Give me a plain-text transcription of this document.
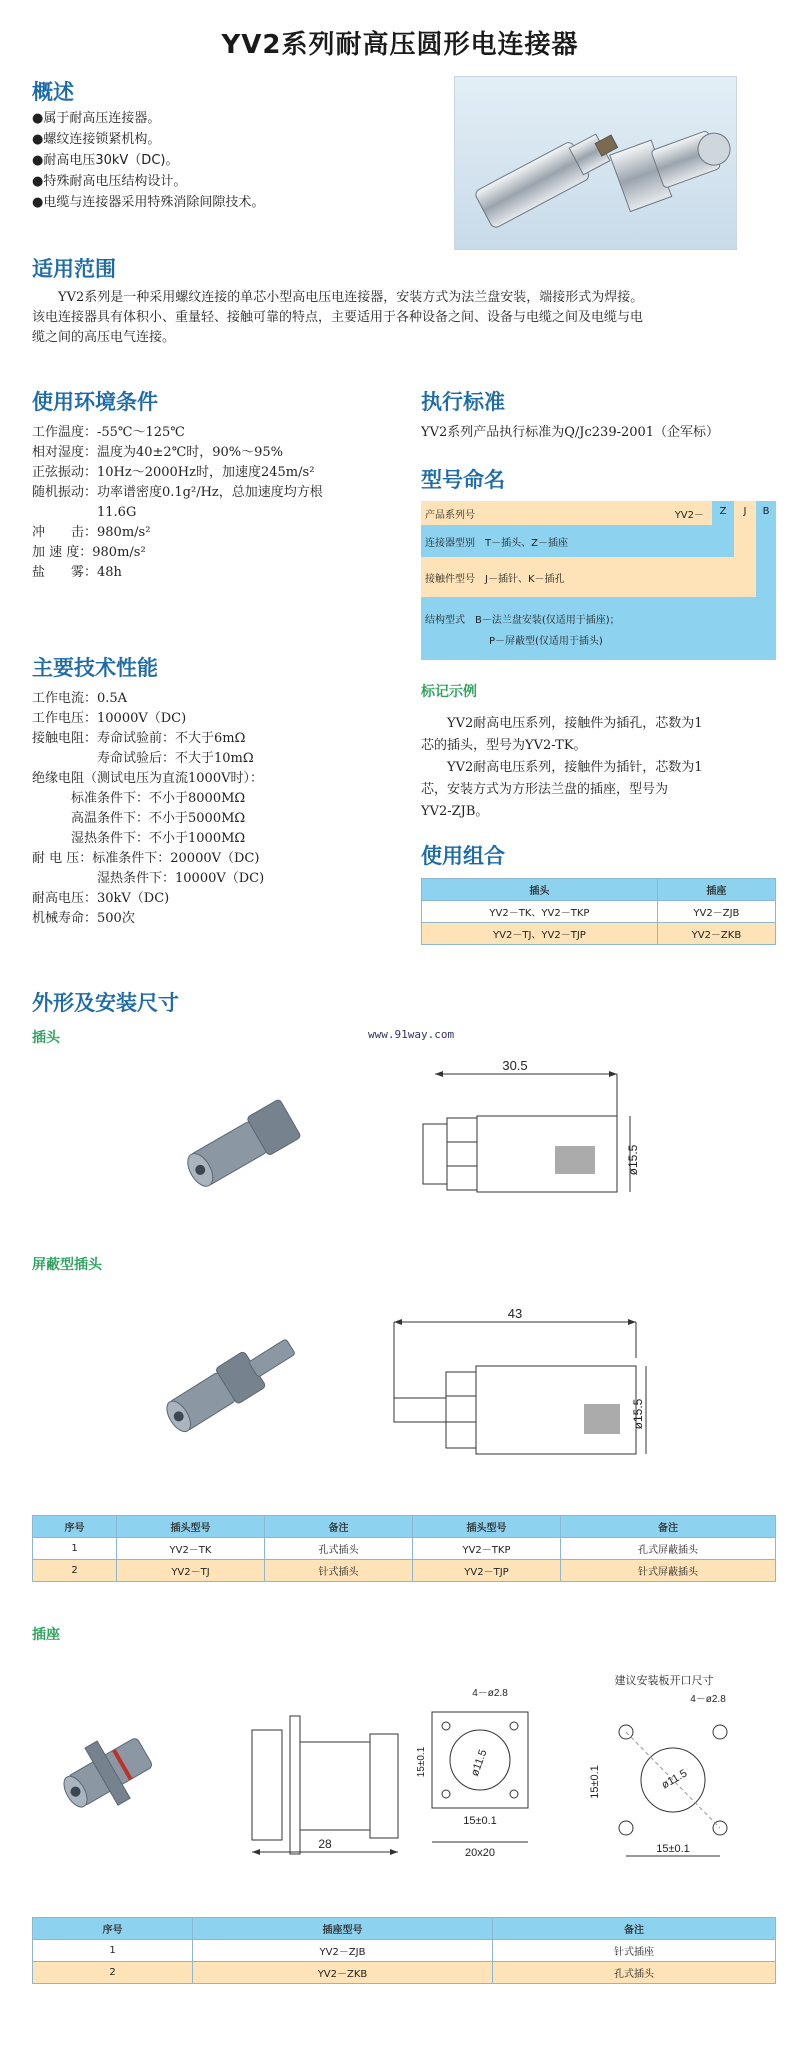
YV2系列耐高压圆形电连接器
概述
●属于耐高压连接器。
●螺纹连接锁紧机构。
●耐高电压30kV（DC)。
●特殊耐高电压结构设计。
●电缆与连接器采用特殊消除间隙技术。
适用范围
　　YV2系列是一种采用螺纹连接的单芯小型高电压电连接器，安装方式为法兰盘安装，端接形式为焊接。
该电连接器具有体积小、重量轻、接触可靠的特点，主要适用于各种设备之间、设备与电缆之间及电缆与电
缆之间的高压电气连接。
使用环境条件
工作温度：-55℃～125℃
相对湿度：温度为40±2℃时，90%～95%
正弦振动：10Hz～2000Hz时，加速度245m/s²
随机振动：功率谱密度0.1g²/Hz，总加速度均方根
　　　　　11.6G
冲　　击：980m/s²
加 速 度：980m/s²
盐　　雾：48h
执行标准
YV2系列产品执行标准为Q/Jc239-2001（企军标）
型号命名
产品系列号	YV2－	Z	J	B
连接器型别　T－插头、Z－插座
接触件型号　J－插针、K－插孔
结构型式　B－法兰盘安装(仅适用于插座)；
P－屏蔽型(仅适用于插头)
主要技术性能
工作电流：0.5A
工作电压：10000V（DC)
接触电阻：寿命试验前：不大于6mΩ
　　　　　寿命试验后：不大于10mΩ
绝缘电阻（测试电压为直流1000V时）：
　　　标准条件下：不小于8000MΩ
　　　高温条件下：不小于5000MΩ
　　　湿热条件下：不小于1000MΩ
耐 电 压：标准条件下：20000V（DC)
　　　　　湿热条件下：10000V（DC)
耐高电压：30kV（DC)
机械寿命：500次
标记示例
　　YV2耐高电压系列，接触件为插孔，芯数为1
芯的插头，型号为YV2-TK。
　　YV2耐高电压系列，接触件为插针，芯数为1
芯，安装方式为方形法兰盘的插座，型号为
YV2-ZJB。
使用组合
插头	插座
YV2－TK、YV2－TKP	YV2－ZJB
YV2－TJ、YV2－TJP	YV2－ZKB
外形及安装尺寸
www.91way.com
插头
30.5
ø15.5
屏蔽型插头
43
ø15.5
序号	插头型号	备注	插头型号	备注
1	YV2－TK	孔式插头	YV2－TKP	孔式屏蔽插头
2	YV2－TJ	针式插头	YV2－TJP	针式屏蔽插头
插座
28
4－ø2.8
ø11.5
15±0.1
15±0.1
20x20
建议安装板开口尺寸
4－ø2.8
ø11.5
15±0.1
15±0.1
序号	插座型号	备注
1	YV2－ZJB	针式插座
2	YV2－ZKB	孔式插头
